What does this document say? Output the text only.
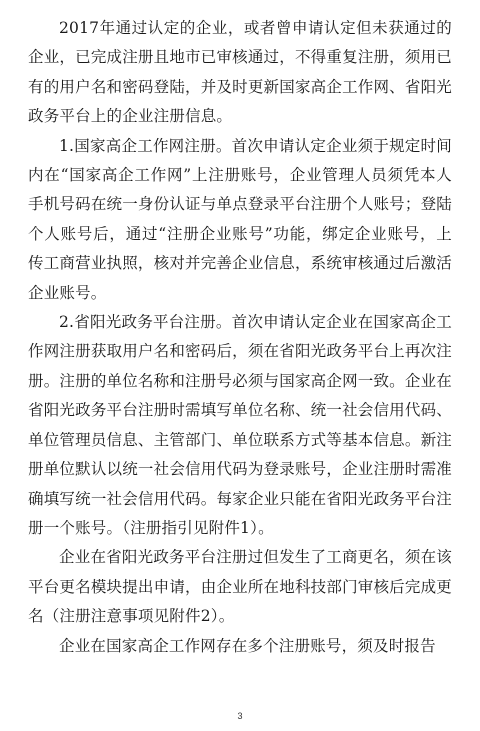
2017年通过认定的企业，或者曾申请认定但未获通过的企业，已完成注册且地市已审核通过，不得重复注册，须用已有的用户名和密码登陆，并及时更新国家高企工作网、省阳光政务平台上的企业注册信息。

1.国家高企工作网注册。首次申请认定企业须于规定时间内在“国家高企工作网”上注册账号，企业管理人员须凭本人手机号码在统一身份认证与单点登录平台注册个人账号；登陆个人账号后，通过“注册企业账号”功能，绑定企业账号，上传工商营业执照，核对并完善企业信息，系统审核通过后激活企业账号。

2.省阳光政务平台注册。首次申请认定企业在国家高企工作网注册获取用户名和密码后，须在省阳光政务平台上再次注册。注册的单位名称和注册号必须与国家高企网一致。企业在省阳光政务平台注册时需填写单位名称、统一社会信用代码、单位管理员信息、主管部门、单位联系方式等基本信息。新注册单位默认以统一社会信用代码为登录账号，企业注册时需准确填写统一社会信用代码。每家企业只能在省阳光政务平台注册一个账号。（注册指引见附件1）。

企业在省阳光政务平台注册过但发生了工商更名，须在该平台更名模块提出申请，由企业所在地科技部门审核后完成更名（注册注意事项见附件2）。

企业在国家高企工作网存在多个注册账号，须及时报告

3
